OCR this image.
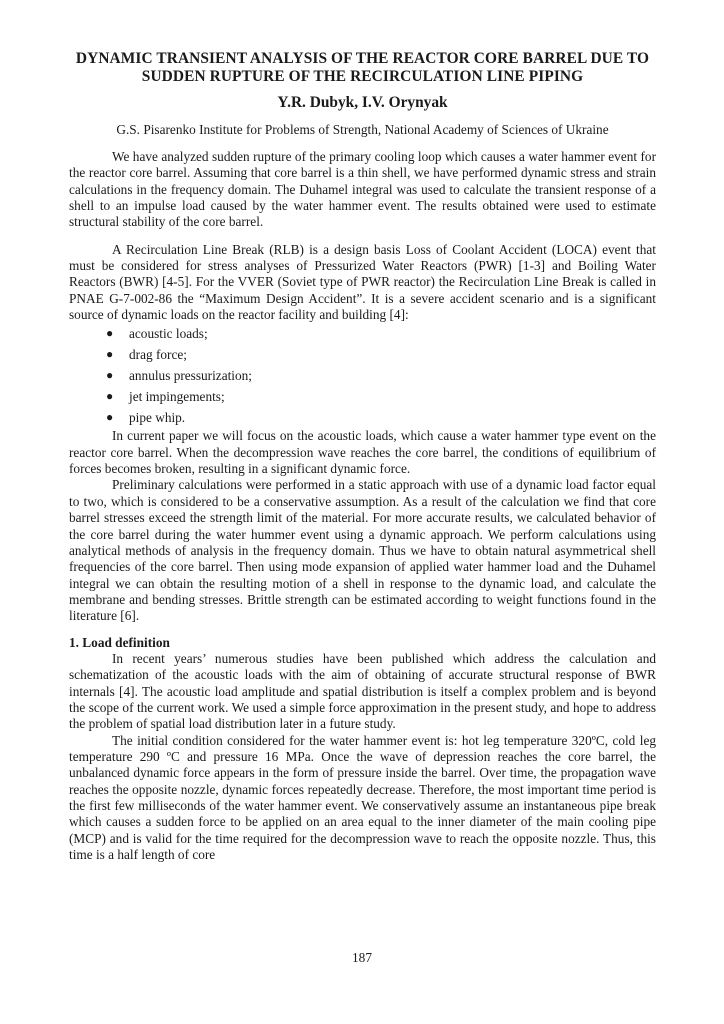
DYNAMIC TRANSIENT ANALYSIS OF THE REACTOR CORE BARREL DUE TO SUDDEN RUPTURE OF THE RECIRCULATION LINE PIPING
Y.R. Dubyk, I.V. Orynyak
G.S. Pisarenko Institute for Problems of Strength, National Academy of Sciences of Ukraine

We have analyzed sudden rupture of the primary cooling loop which causes a water hammer event for the reactor core barrel. Assuming that core barrel is a thin shell, we have performed dynamic stress and strain calculations in the frequency domain. The Duhamel integral was used to calculate the transient response of a shell to an impulse load caused by the water hammer event. The results obtained were used to estimate structural stability of the core barrel.

A Recirculation Line Break (RLB) is a design basis Loss of Coolant Accident (LOCA) event that must be considered for stress analyses of Pressurized Water Reactors (PWR) [1-3] and Boiling Water Reactors (BWR) [4-5]. For the VVER (Soviet type of PWR reactor) the Recirculation Line Break is called in PNAE G-7-002-86 the “Maximum Design Accident”. It is a severe accident scenario and is a significant source of dynamic loads on the reactor facility and building [4]:

● acoustic loads;
● drag force;
● annulus pressurization;
● jet impingements;
● pipe whip.

In current paper we will focus on the acoustic loads, which cause a water hammer type event on the reactor core barrel. When the decompression wave reaches the core barrel, the conditions of equilibrium of forces becomes broken, resulting in a significant dynamic force.

Preliminary calculations were performed in a static approach with use of a dynamic load factor equal to two, which is considered to be a conservative assumption. As a result of the calculation we find that core barrel stresses exceed the strength limit of the material. For more accurate results, we calculated behavior of the core barrel during the water hummer event using a dynamic approach. We perform calculations using analytical methods of analysis in the frequency domain. Thus we have to obtain natural asymmetrical shell frequencies of the core barrel. Then using mode expansion of applied water hammer load and the Duhamel integral we can obtain the resulting motion of a shell in response to the dynamic load, and calculate the membrane and bending stresses. Brittle strength can be estimated according to weight functions found in the literature [6].

1. Load definition

In recent years’ numerous studies have been published which address the calculation and schematization of the acoustic loads with the aim of obtaining of accurate structural response of BWR internals [4]. The acoustic load amplitude and spatial distribution is itself a complex problem and is beyond the scope of the current work. We used a simple force approximation in the present study, and hope to address the problem of spatial load distribution later in a future study.

The initial condition considered for the water hammer event is: hot leg temperature 320ºC, cold leg temperature 290 ºC and pressure 16 MPa. Once the wave of depression reaches the core barrel, the unbalanced dynamic force appears in the form of pressure inside the barrel. Over time, the propagation wave reaches the opposite nozzle, dynamic forces repeatedly decrease. Therefore, the most important time period is the first few milliseconds of the water hammer event. We conservatively assume an instantaneous pipe break which causes a sudden force to be applied on an area equal to the inner diameter of the main cooling pipe (MCP) and is valid for the time required for the decompression wave to reach the opposite nozzle. Thus, this time is a half length of core

187
